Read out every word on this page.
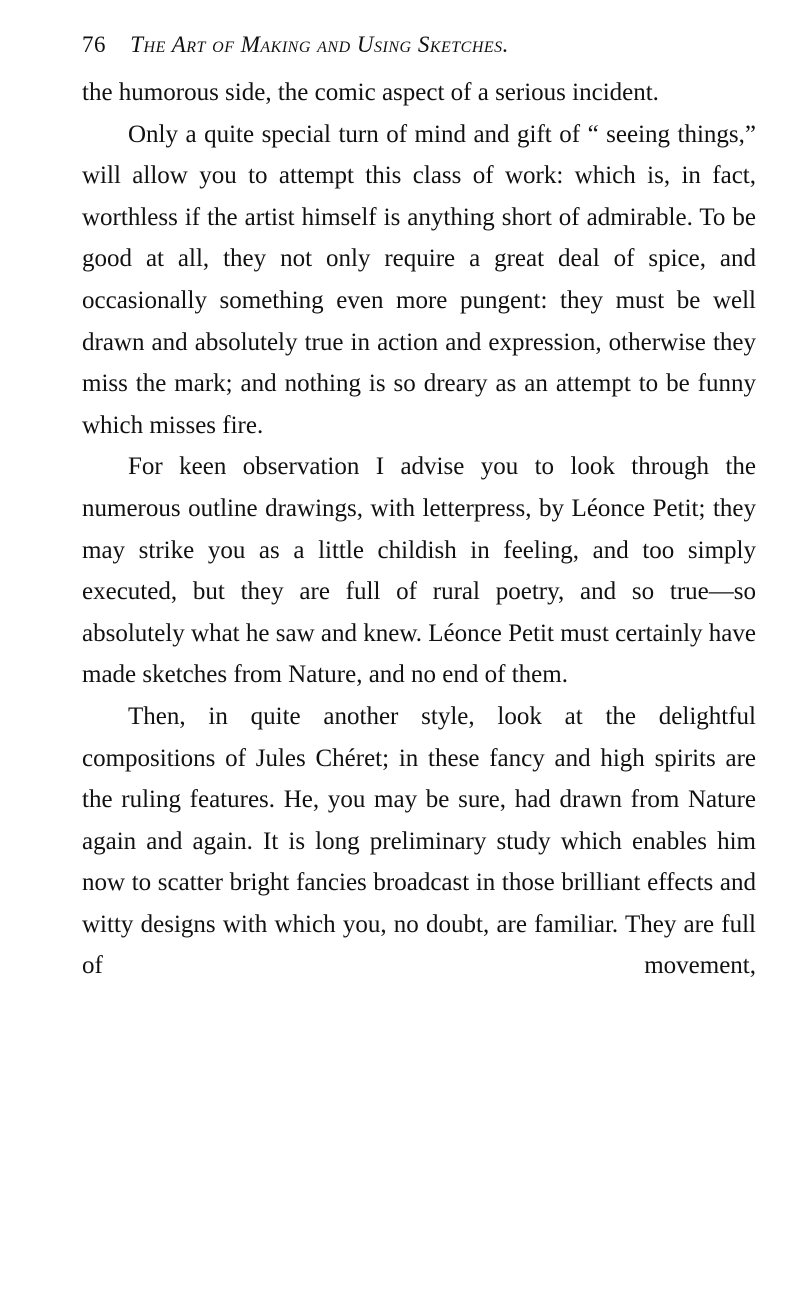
76 The Art of Making and Using Sketches.

the humorous side, the comic aspect of a serious incident.

Only a quite special turn of mind and gift of “ seeing things,” will allow you to attempt this class of work: which is, in fact, worthless if the artist himself is anything short of admirable. To be good at all, they not only require a great deal of spice, and occasionally something even more pungent: they must be well drawn and absolutely true in action and expression, otherwise they miss the mark; and nothing is so dreary as an attempt to be funny which misses fire.

For keen observation I advise you to look through the numerous outline drawings, with letterpress, by Léonce Petit; they may strike you as a little childish in feeling, and too simply executed, but they are full of rural poetry, and so true—so absolutely what he saw and knew. Léonce Petit must certainly have made sketches from Nature, and no end of them.

Then, in quite another style, look at the delightful compositions of Jules Chéret; in these fancy and high spirits are the ruling features. He, you may be sure, had drawn from Nature again and again. It is long preliminary study which enables him now to scatter bright fancies broadcast in those brilliant effects and witty designs with which you, no doubt, are familiar. They are full of movement,
